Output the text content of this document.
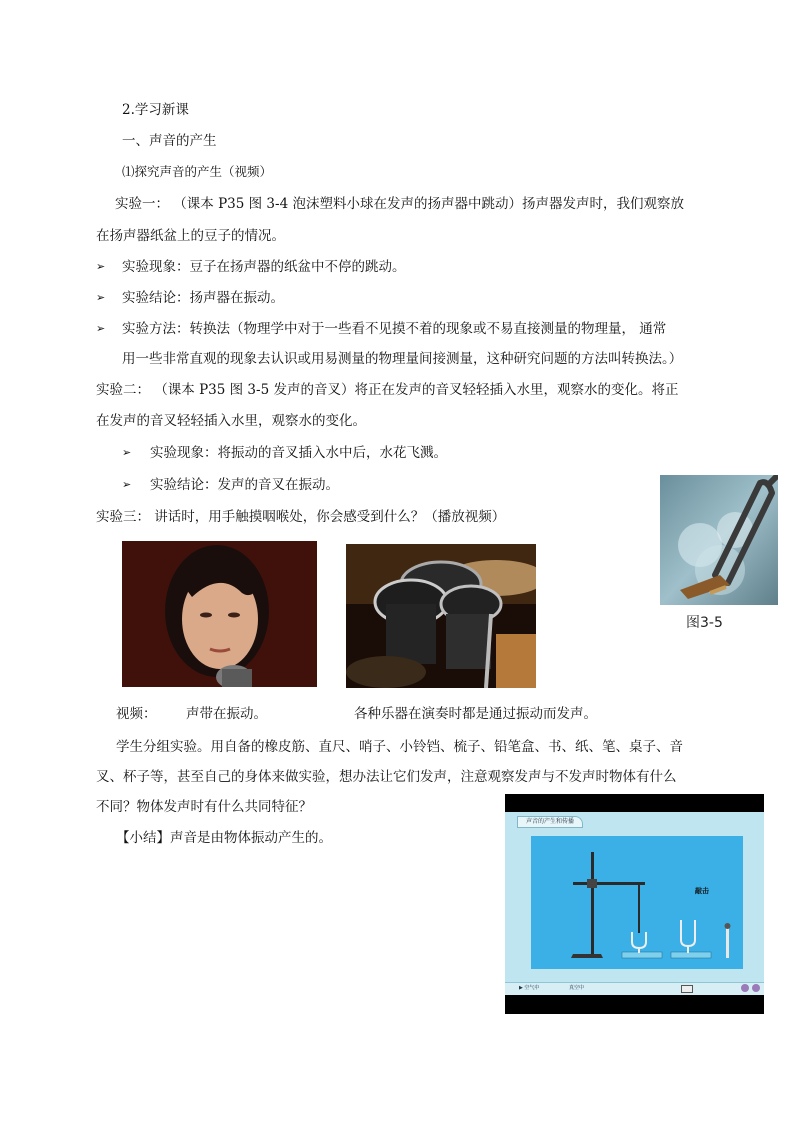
2.学习新课
一、声音的产生
⑴探究声音的产生（视频）
实验一： （课本 P35 图 3-4 泡沫塑料小球在发声的扬声器中跳动）扬声器发声时，我们观察放
在扬声器纸盆上的豆子的情况。
➢ 实验现象：豆子在扬声器的纸盆中不停的跳动。
➢ 实验结论：扬声器在振动。
➢ 实验方法：转换法（物理学中对于一些看不见摸不着的现象或不易直接测量的物理量， 通常
用一些非常直观的现象去认识或用易测量的物理量间接测量，这种研究问题的方法叫转换法。）
实验二： （课本 P35 图 3-5 发声的音叉）将正在发声的音叉轻轻插入水里，观察水的变化。将正
在发声的音叉轻轻插入水里，观察水的变化。
➢ 实验现象：将振动的音叉插入水中后，水花飞溅。
➢ 实验结论：发声的音叉在振动。
图3-5
实验三： 讲话时，用手触摸咽喉处，你会感受到什么？（播放视频）
视频： 声带在振动。	各种乐器在演奏时都是通过振动而发声。
学生分组实验。用自备的橡皮筋、直尺、哨子、小铃铛、梳子、铅笔盒、书、纸、笔、桌子、音
叉、杯子等，甚至自己的身体来做实验，想办法让它们发声，注意观察发声与不发声时物体有什么
不同？物体发声时有什么共同特征？
【小结】声音是由物体振动产生的。
声音的产生和传播
敲击
▶ 空气中	真空中
